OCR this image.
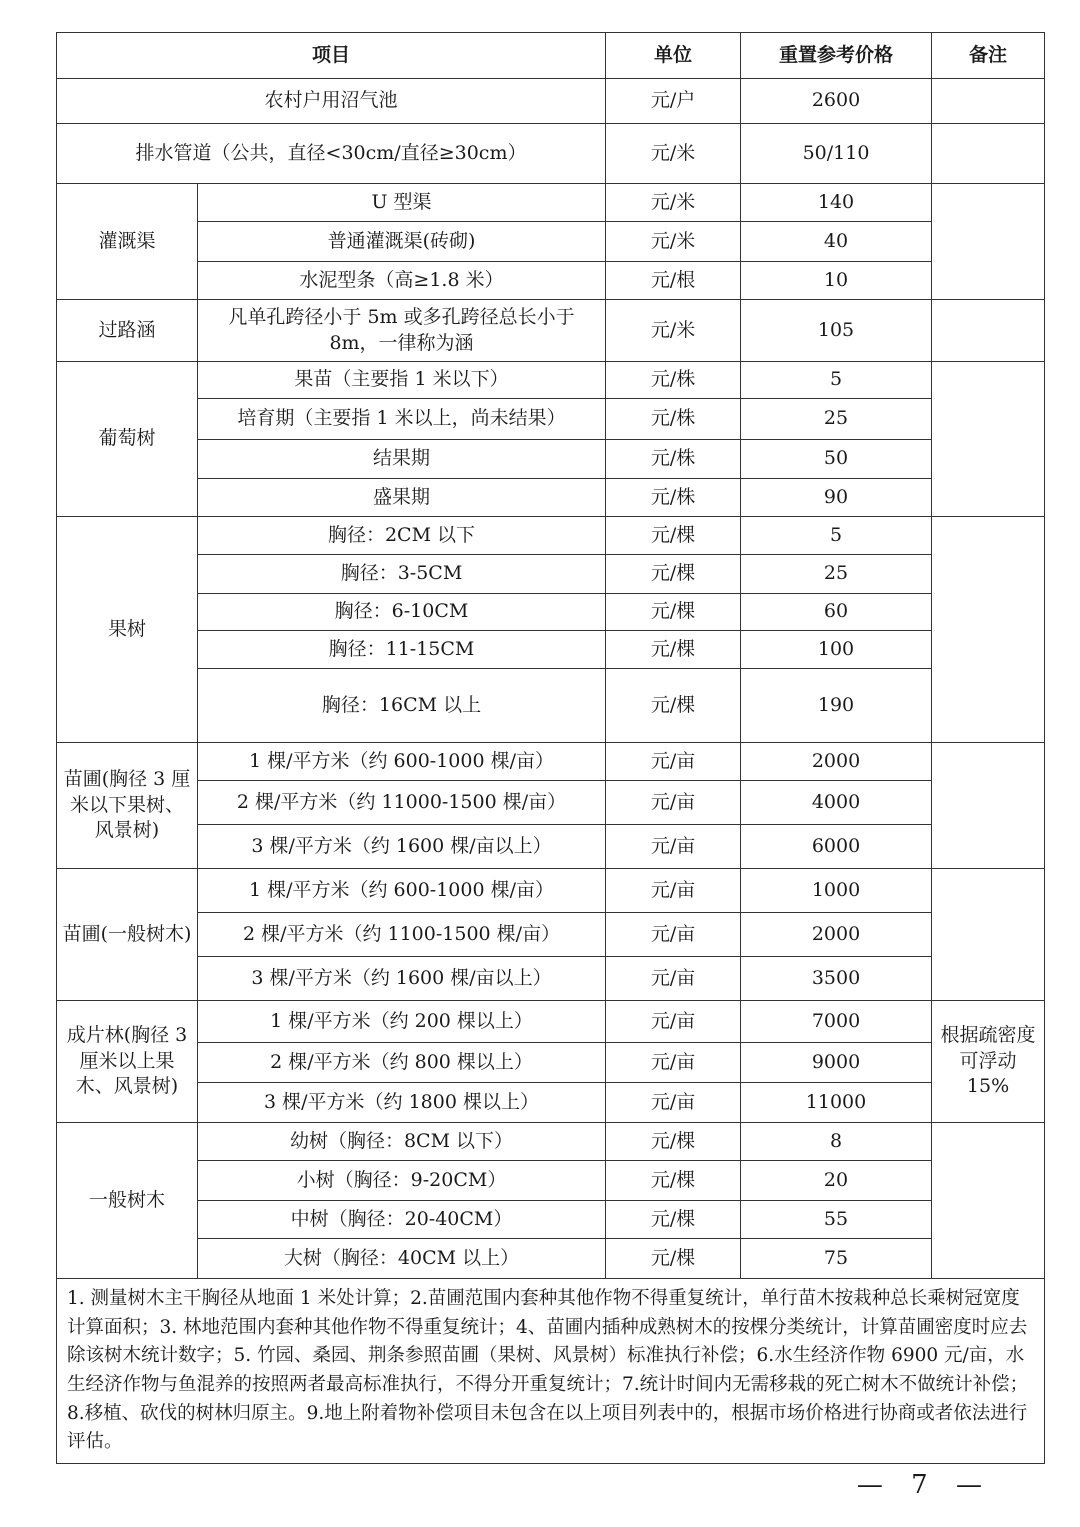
项目		单位	重置参考价格	备注
农村户用沼气池		元/户	2600	
排水管道（公共，直径<30cm/直径≥30cm）		元/米	50/110	
灌溉渠	U 型渠	元/米	140	
	普通灌溉渠(砖砌)	元/米	40	
	水泥型条（高≥1.8 米）	元/根	10	
过路涵	凡单孔跨径小于 5m 或多孔跨径总长小于 8m，一律称为涵	元/米	105	
葡萄树	果苗（主要指 1 米以下）	元/株	5	
	培育期（主要指 1 米以上，尚未结果）	元/株	25	
	结果期	元/株	50	
	盛果期	元/株	90	
果树	胸径：2CM 以下	元/棵	5	
	胸径：3-5CM	元/棵	25	
	胸径：6-10CM	元/棵	60	
	胸径：11-15CM	元/棵	100	
	胸径：16CM 以上	元/棵	190	
苗圃(胸径 3 厘米以下果树、风景树)	1 棵/平方米（约 600-1000 棵/亩）	元/亩	2000	
	2 棵/平方米（约 11000-1500 棵/亩）	元/亩	4000	
	3 棵/平方米（约 1600 棵/亩以上）	元/亩	6000	
苗圃(一般树木)	1 棵/平方米（约 600-1000 棵/亩）	元/亩	1000	
	2 棵/平方米（约 1100-1500 棵/亩）	元/亩	2000	
	3 棵/平方米（约 1600 棵/亩以上）	元/亩	3500	
成片林(胸径 3 厘米以上果木、风景树)	1 棵/平方米（约 200 棵以上）	元/亩	7000	根据疏密度可浮动 15%
	2 棵/平方米（约 800 棵以上）	元/亩	9000	
	3 棵/平方米（约 1800 棵以上）	元/亩	11000	
一般树木	幼树（胸径：8CM 以下）	元/棵	8	
	小树（胸径：9-20CM）	元/棵	20	
	中树（胸径：20-40CM）	元/棵	55	
	大树（胸径：40CM 以上）	元/棵	75	
1. 测量树木主干胸径从地面 1 米处计算；2.苗圃范围内套种其他作物不得重复统计，单行苗木按栽种总长乘树冠宽度计算面积；3. 林地范围内套种其他作物不得重复统计；4、苗圃内插种成熟树木的按棵分类统计，计算苗圃密度时应去除该树木统计数字；5. 竹园、桑园、荆条参照苗圃（果树、风景树）标准执行补偿；6.水生经济作物 6900 元/亩，水生经济作物与鱼混养的按照两者最高标准执行，不得分开重复统计；7.统计时间内无需移栽的死亡树木不做统计补偿；8.移植、砍伐的树林归原主。9.地上附着物补偿项目未包含在以上项目列表中的，根据市场价格进行协商或者依法进行评估。				
— 7 —
